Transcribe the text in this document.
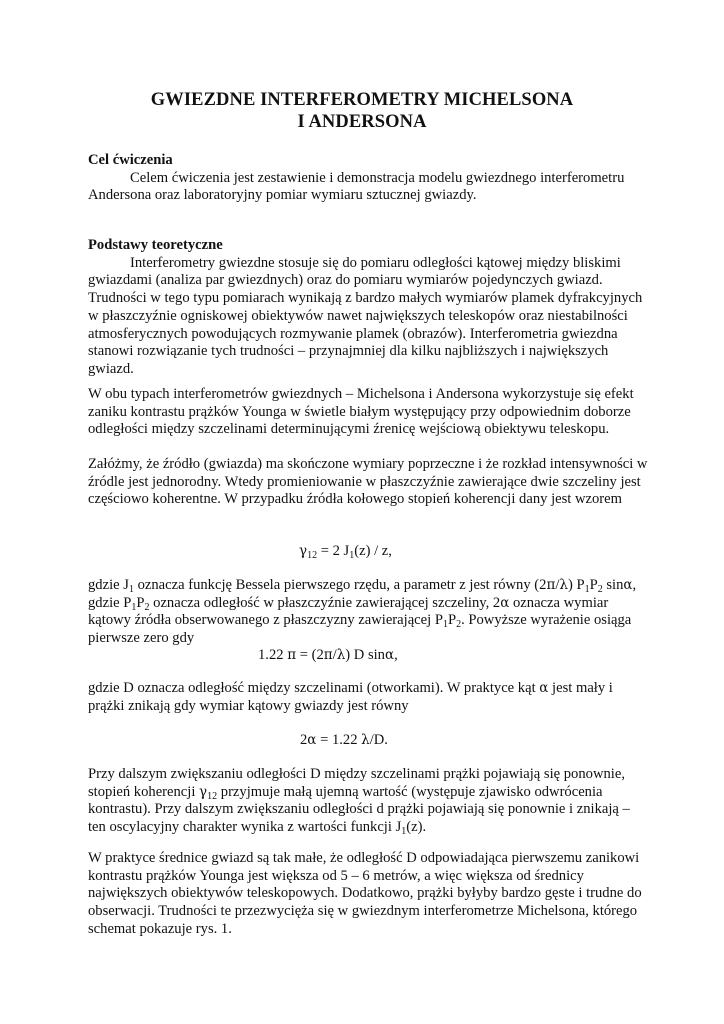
GWIEZDNE INTERFEROMETRY MICHELSONA
I ANDERSONA
Cel ćwiczenia
Celem ćwiczenia jest zestawienie i demonstracja modelu gwiezdnego interferometru Andersona oraz laboratoryjny pomiar wymiaru sztucznej gwiazdy.
Podstawy teoretyczne
Interferometry gwiezdne stosuje się do pomiaru odległości kątowej między bliskimi gwiazdami (analiza par gwiezdnych) oraz do pomiaru wymiarów pojedynczych gwiazd. Trudności w tego typu pomiarach wynikają z bardzo małych wymiarów plamek dyfrakcyjnych w płaszczyźnie ogniskowej obiektywów nawet największych teleskopów oraz niestabilności atmosferycznych powodujących rozmywanie plamek (obrazów). Interferometria gwiezdna stanowi rozwiązanie tych trudności – przynajmniej dla kilku najbliższych i największych gwiazd.
W obu typach interferometrów gwiezdnych – Michelsona i Andersona wykorzystuje się efekt zaniku kontrastu prążków Younga w świetle białym występujący przy odpowiednim doborze odległości między szczelinami determinującymi źrenicę wejściową obiektywu teleskopu.
Załóżmy, że źródło (gwiazda) ma skończone wymiary poprzeczne i że rozkład intensywności w źródle jest jednorodny. Wtedy promieniowanie w płaszczyźnie zawierające dwie szczeliny jest częściowo koherentne. W przypadku źródła kołowego stopień koherencji dany jest wzorem
$\gamma_{12} = 2$ $J_1(z)$ / z,
gdzie $J_1$ oznacza funkcję Bessela pierwszego rzędu, a parametr z jest równy (2π/λ) $P_1P_2$ sinα, gdzie $P_1P_2$ oznacza odległość w płaszczyźnie zawierającej szczeliny, 2α oznacza wymiar kątowy źródła obserwowanego z płaszczyzny zawierającej $P_1P_2$. Powyższe wyrażenie osiąga pierwsze zero gdy
1.22 π = (2π/λ) D sinα,
gdzie D oznacza odległość między szczelinami (otworkami). W praktyce kąt α jest mały i prążki znikają gdy wymiar kątowy gwiazdy jest równy
2α = 1.22 λ/D.
Przy dalszym zwiększaniu odległości D między szczelinami prążki pojawiają się ponownie, stopień koherencji $\gamma_{12}$ przyjmuje małą ujemną wartość (występuje zjawisko odwrócenia kontrastu). Przy dalszym zwiększaniu odległości d prążki pojawiają się ponownie i znikają – ten oscylacyjny charakter wynika z wartości funkcji $J_1(z)$.
W praktyce średnice gwiazd są tak małe, że odległość D odpowiadająca pierwszemu zanikowi kontrastu prążków Younga jest większa od 5 – 6 metrów, a więc większa od średnicy największych obiektywów teleskopowych. Dodatkowo, prążki byłyby bardzo gęste i trudne do obserwacji. Trudności te przezwycięża się w gwiezdnym interferometrze Michelsona, którego schemat pokazuje rys. 1.
